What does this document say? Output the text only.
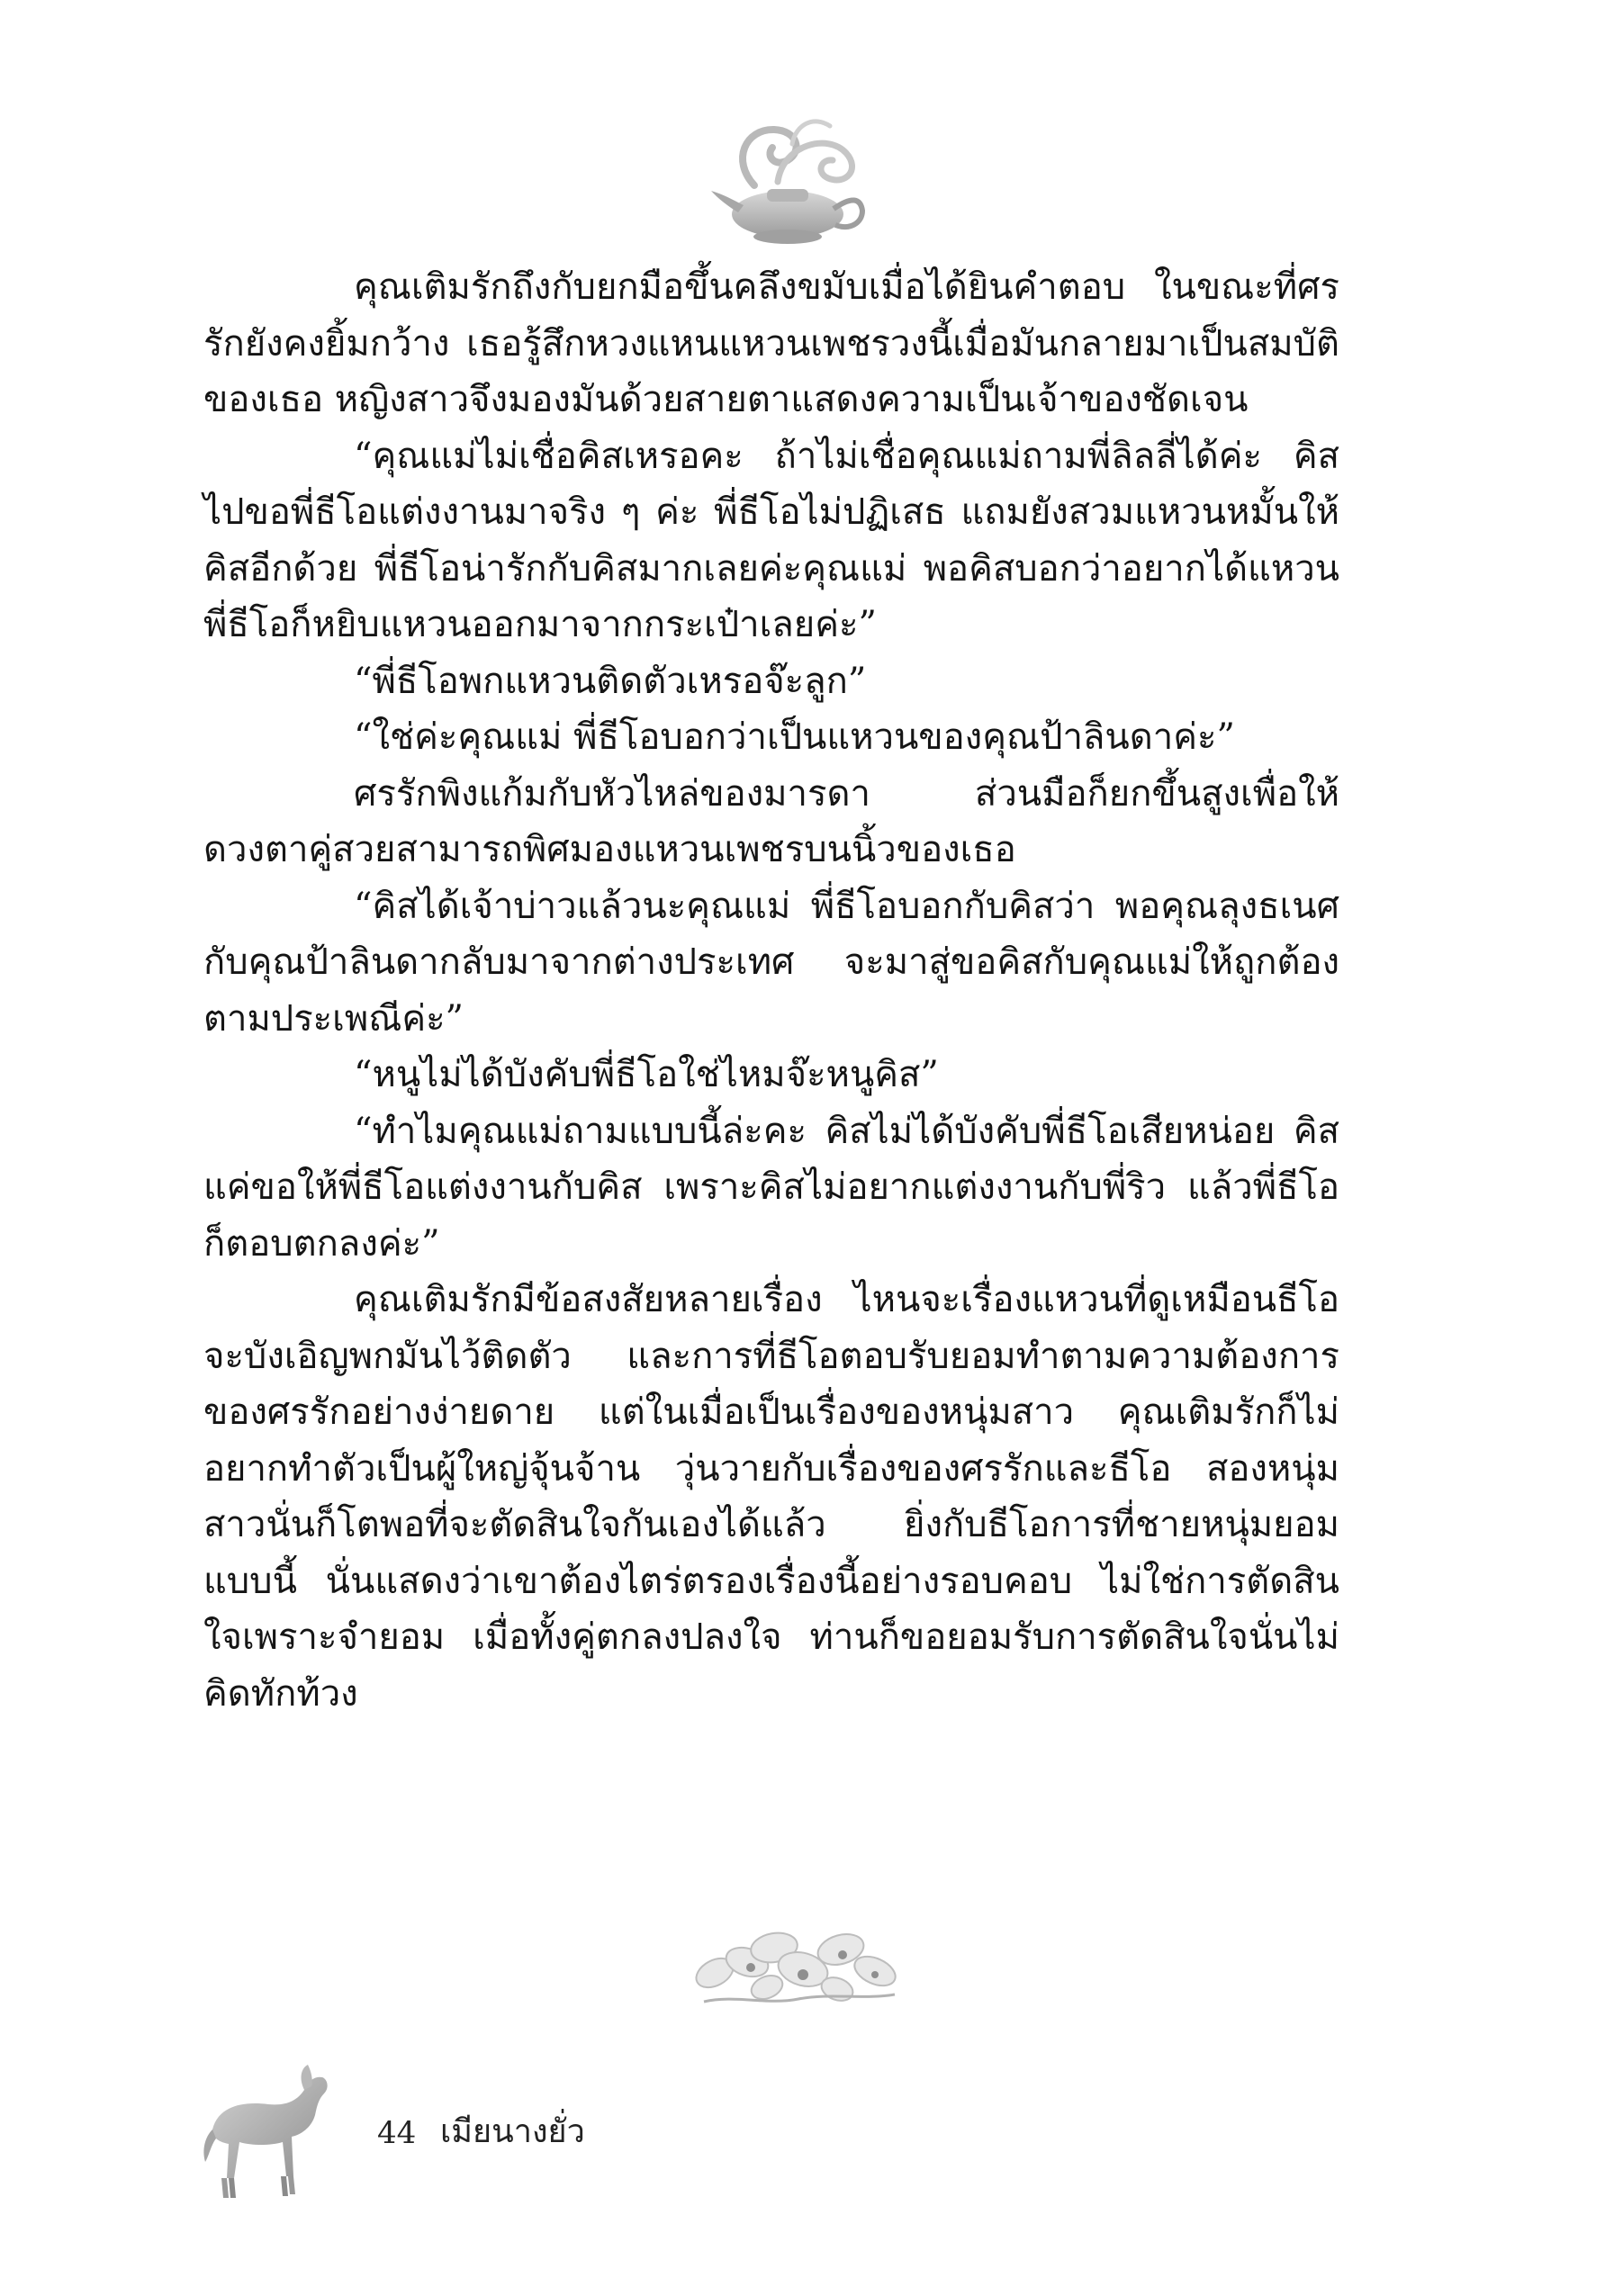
คุณเติมรักถึงกับยกมือขึ้นคลึงขมับเมื่อได้ยินคำตอบ ในขณะที่ศรรักยังคงยิ้มกว้าง เธอรู้สึกหวงแหนแหวนเพชรวงนี้เมื่อมันกลายมาเป็นสมบัติของเธอ หญิงสาวจึงมองมันด้วยสายตาแสดงความเป็นเจ้าของชัดเจน

“คุณแม่ไม่เชื่อคิสเหรอคะ ถ้าไม่เชื่อคุณแม่ถามพี่ลิลลี่ได้ค่ะ คิสไปขอพี่ธีโอแต่งงานมาจริง ๆ ค่ะ พี่ธีโอไม่ปฏิเสธ แถมยังสวมแหวนหมั้นให้คิสอีกด้วย พี่ธีโอน่ารักกับคิสมากเลยค่ะคุณแม่ พอคิสบอกว่าอยากได้แหวน พี่ธีโอก็หยิบแหวนออกมาจากกระเป๋าเลยค่ะ”

“พี่ธีโอพกแหวนติดตัวเหรอจ๊ะลูก”

“ใช่ค่ะคุณแม่ พี่ธีโอบอกว่าเป็นแหวนของคุณป้าลินดาค่ะ”

ศรรักพิงแก้มกับหัวไหล่ของมารดา ส่วนมือก็ยกขึ้นสูงเพื่อให้ดวงตาคู่สวยสามารถพิศมองแหวนเพชรบนนิ้วของเธอ

“คิสได้เจ้าบ่าวแล้วนะคุณแม่ พี่ธีโอบอกกับคิสว่า พอคุณลุงธเนศกับคุณป้าลินดากลับมาจากต่างประเทศ จะมาสู่ขอคิสกับคุณแม่ให้ถูกต้องตามประเพณีค่ะ”

“หนูไม่ได้บังคับพี่ธีโอใช่ไหมจ๊ะหนูคิส”

“ทำไมคุณแม่ถามแบบนี้ล่ะคะ คิสไม่ได้บังคับพี่ธีโอเสียหน่อย คิสแค่ขอให้พี่ธีโอแต่งงานกับคิส เพราะคิสไม่อยากแต่งงานกับพี่ริว แล้วพี่ธีโอก็ตอบตกลงค่ะ”

คุณเติมรักมีข้อสงสัยหลายเรื่อง ไหนจะเรื่องแหวนที่ดูเหมือนธีโอจะบังเอิญพกมันไว้ติดตัว และการที่ธีโอตอบรับยอมทำตามความต้องการของศรรักอย่างง่ายดาย แต่ในเมื่อเป็นเรื่องของหนุ่มสาว คุณเติมรักก็ไม่อยากทำตัวเป็นผู้ใหญ่จุ้นจ้าน วุ่นวายกับเรื่องของศรรักและธีโอ สองหนุ่มสาวนั่นก็โตพอที่จะตัดสินใจกันเองได้แล้ว ยิ่งกับธีโอการที่ชายหนุ่มยอมแบบนี้ นั่นแสดงว่าเขาต้องไตร่ตรองเรื่องนี้อย่างรอบคอบ ไม่ใช่การตัดสินใจเพราะจำยอม เมื่อทั้งคู่ตกลงปลงใจ ท่านก็ขอยอมรับการตัดสินใจนั่นไม่คิดทักท้วง

44 เมียนางยั่ว
